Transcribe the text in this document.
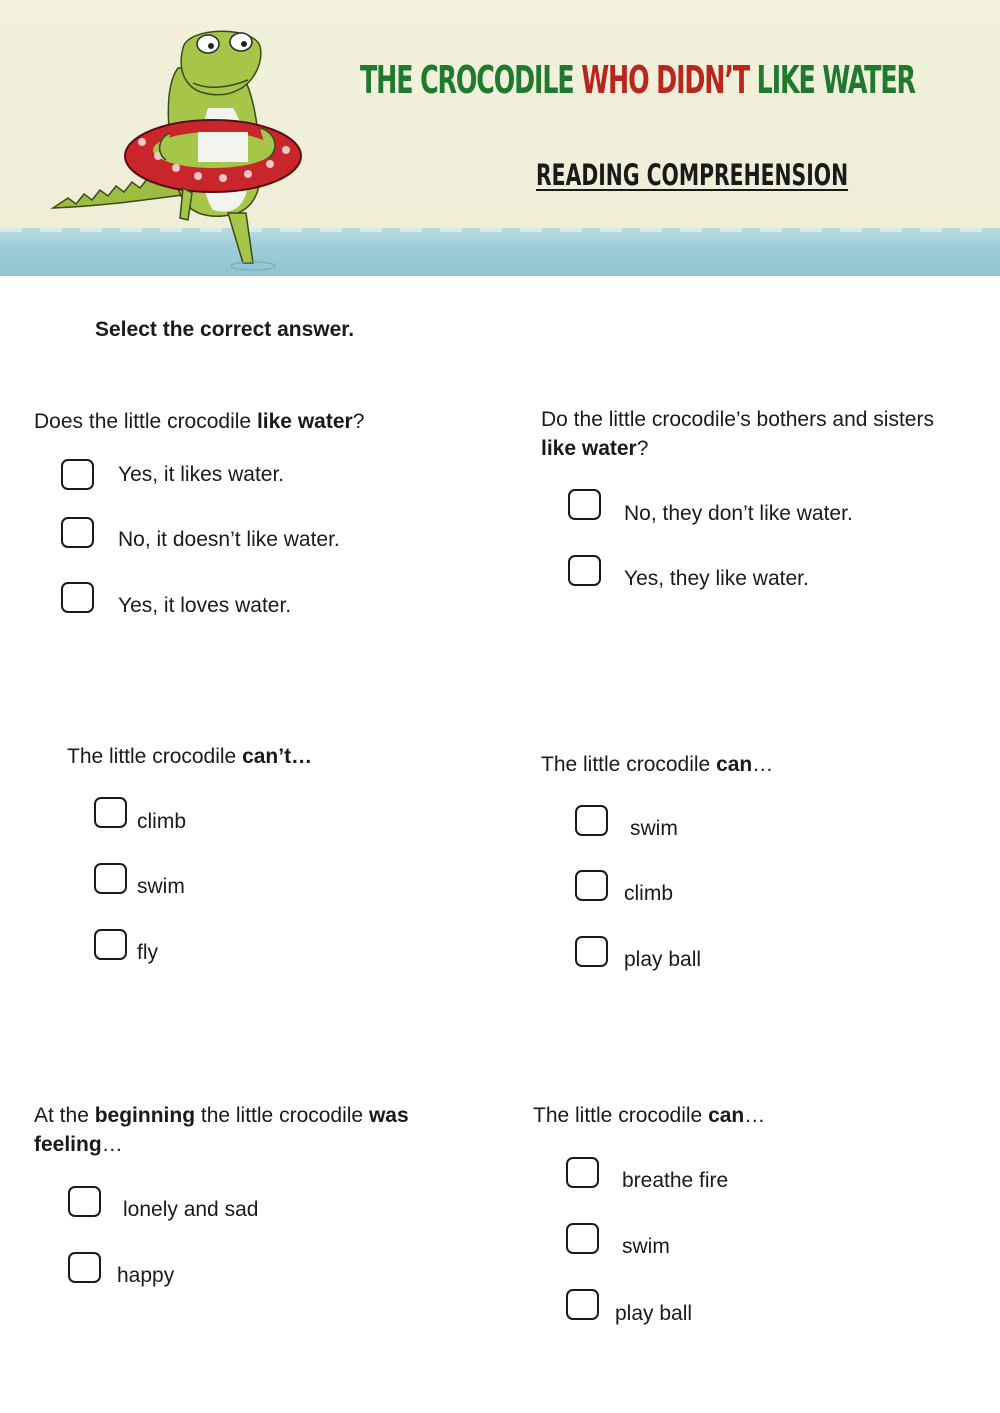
THE CROCODILE WHO DIDN’T LIKE WATER
READING COMPREHENSION
Select the correct answer.
Does the little crocodile like water?
Yes, it likes water.
No, it doesn’t like water.
Yes, it loves water.
Do the little crocodile’s bothers and sisters like water?
No, they don’t like water.
Yes, they like water.
The little crocodile can’t…
climb
swim
fly
The little crocodile can…
swim
climb
play ball
At the beginning the little crocodile was feeling…
lonely and sad
happy
The little crocodile can…
breathe fire
swim
play ball
